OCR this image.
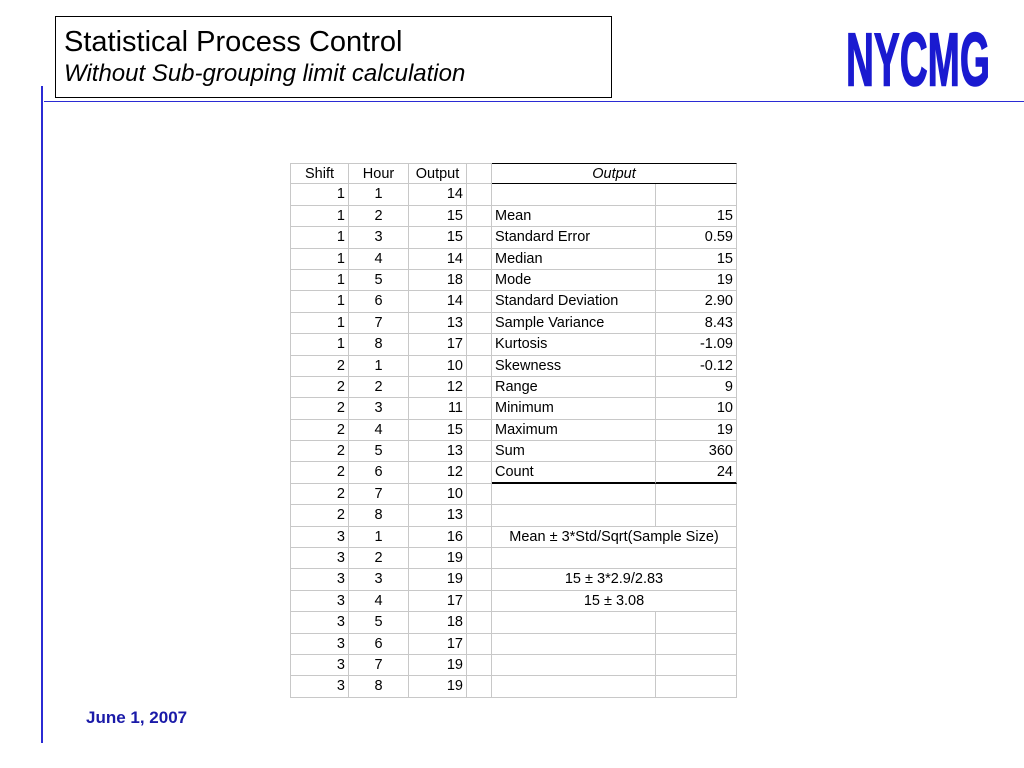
Statistical Process Control
Without Sub-grouping limit calculation	NYCMG
Shift	Hour	Output	Output
1	1	14
1	2	15 Mean	15
1	3	15 Standard Error	0.59
1	4	14 Median	15
1	5	18 Mode	19
1	6	14 Standard Deviation	2.90
1	7	13 Sample Variance	8.43
1	8	17 Kurtosis	-1.09
2	1	10 Skewness	-0.12
2	2	12 Range	9
2	3	11 Minimum	10
2	4	15 Maximum	19
2	5	13 Sum	360
2	6	12 Count	24
2	7	10
2	8	13
3	1	16	Mean ± 3*Std/Sqrt(Sample Size)
3	2	19
3	3	19	15 ± 3*2.9/2.83
3	4	17	15 ± 3.08
3	5	18
3	6	17
3	7	19
3	8	19
June 1, 2007
